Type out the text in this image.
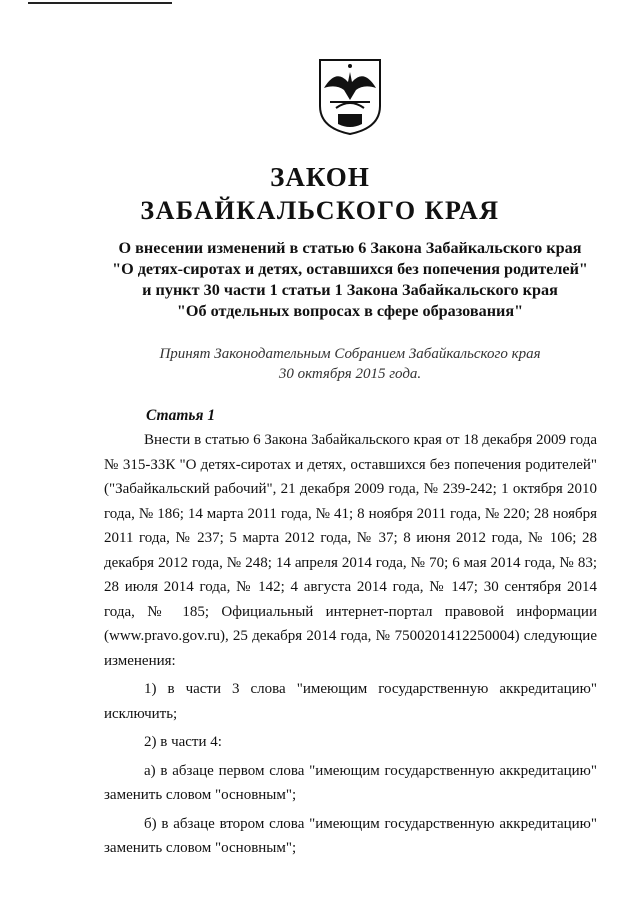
ЗАКОН
ЗАБАЙКАЛЬСКОГО КРАЯ
О внесении изменений в статью 6 Закона Забайкальского края
"О детях-сиротах и детях, оставшихся без попечения родителей"
и пункт 30 части 1 статьи 1 Закона Забайкальского края
"Об отдельных вопросах в сфере образования"
Принят Законодательным Собранием Забайкальского края
30 октября 2015 года.
Статья 1
Внести в статью 6 Закона Забайкальского края от 18 декабря 2009 года № 315-ЗЗК "О детях-сиротах и детях, оставшихся без попечения родителей" ("Забайкальский рабочий", 21 декабря 2009 года, № 239-242; 1 октября 2010 года, № 186; 14 марта 2011 года, № 41; 8 ноября 2011 года, № 220; 28 ноября 2011 года, № 237; 5 марта 2012 года, № 37; 8 июня 2012 года, № 106; 28 декабря 2012 года, № 248; 14 апреля 2014 года, № 70; 6 мая 2014 года, № 83; 28 июля 2014 года, № 142; 4 августа 2014 года, № 147; 30 сентября 2014 года, № 185; Официальный интернет-портал правовой информации (www.pravo.gov.ru), 25 декабря 2014 года, № 7500201412250004) следующие изменения:
1) в части 3 слова "имеющим государственную аккредитацию" исключить;
2) в части 4:
а) в абзаце первом слова "имеющим государственную аккредитацию" заменить словом "основным";
б) в абзаце втором слова "имеющим государственную аккредитацию" заменить словом "основным";
